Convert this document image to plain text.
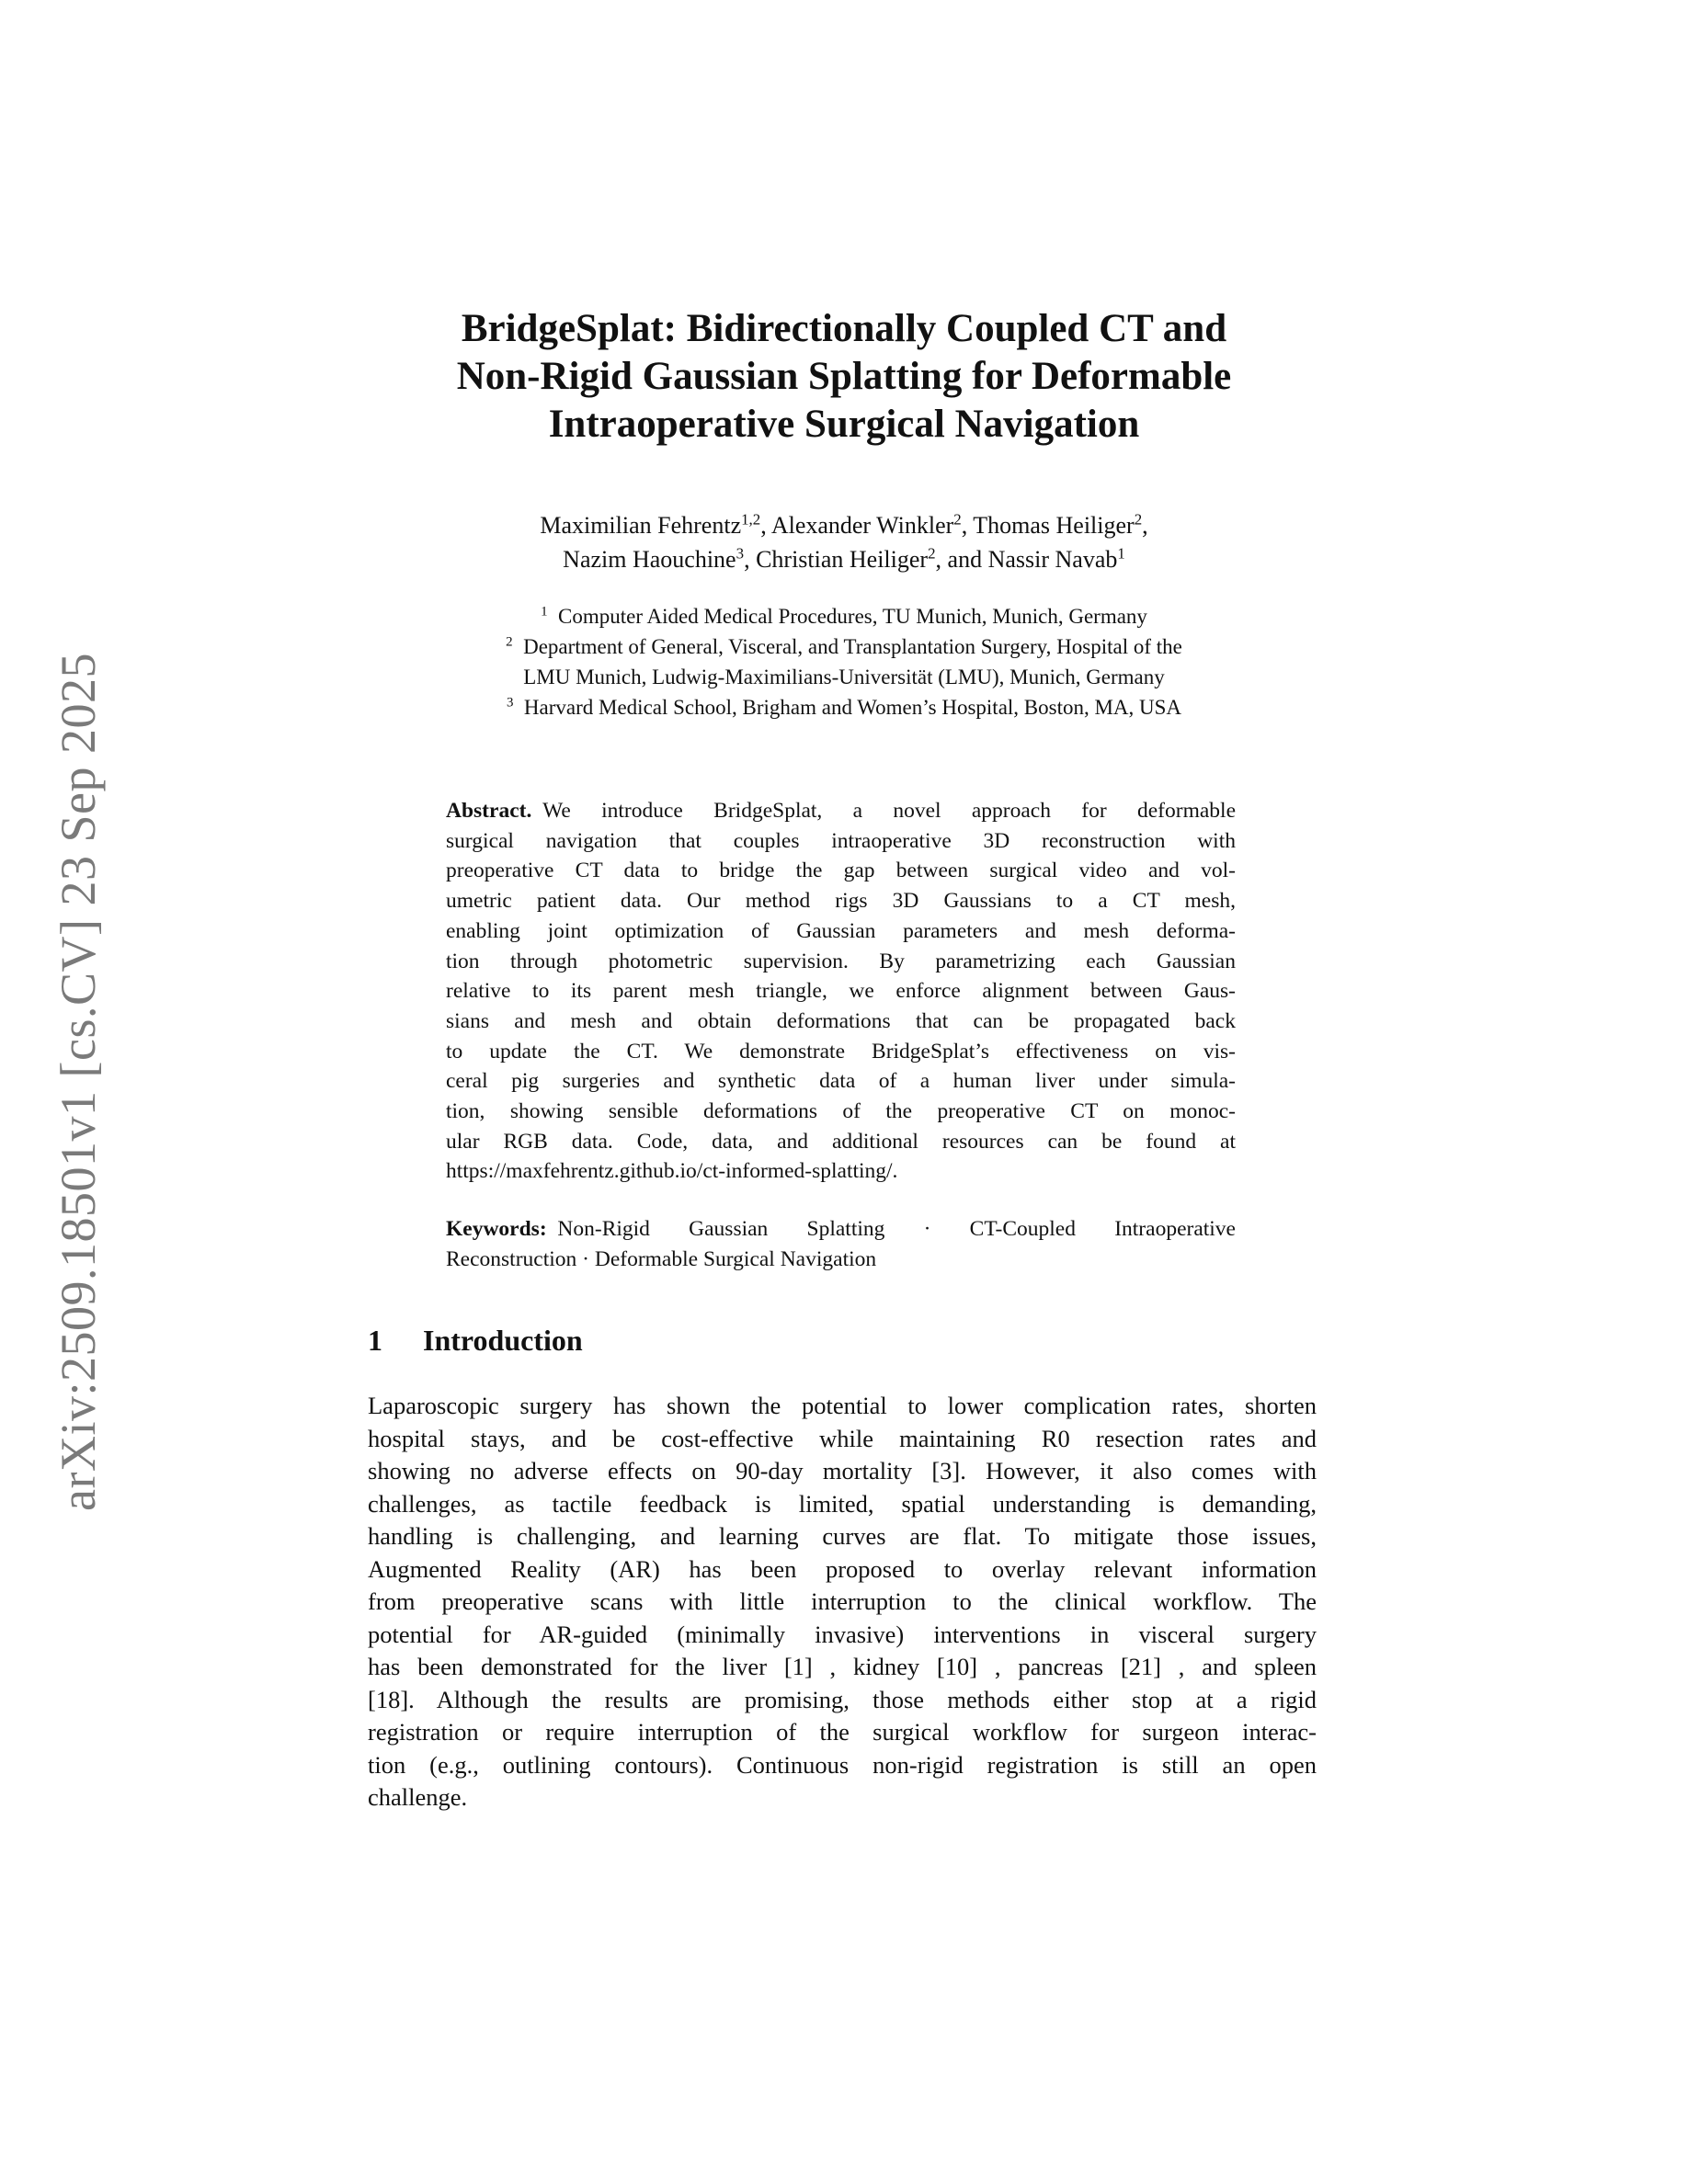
arXiv:2509.18501v1 [cs.CV] 23 Sep 2025
BridgeSplat: Bidirectionally Coupled CT and
Non-Rigid Gaussian Splatting for Deformable
Intraoperative Surgical Navigation
Maximilian Fehrentz$^{1,2}$, Alexander Winkler$^2$, Thomas Heiliger$^2$,
Nazim Haouchine$^3$, Christian Heiliger$^2$, and Nassir Navab$^1$
$^1$ Computer Aided Medical Procedures, TU Munich, Munich, Germany
$^2$ Department of General, Visceral, and Transplantation Surgery, Hospital of the
LMU Munich, Ludwig-Maximilians-Universität (LMU), Munich, Germany
$^3$ Harvard Medical School, Brigham and Women’s Hospital, Boston, MA, USA
Abstract.  We introduce BridgeSplat, a novel approach for deformable
surgical navigation that couples intraoperative 3D reconstruction with
preoperative CT data to bridge the gap between surgical video and vol-
umetric patient data. Our method rigs 3D Gaussians to a CT mesh,
enabling joint optimization of Gaussian parameters and mesh deforma-
tion through photometric supervision. By parametrizing each Gaussian
relative to its parent mesh triangle, we enforce alignment between Gaus-
sians and mesh and obtain deformations that can be propagated back
to update the CT. We demonstrate BridgeSplat’s effectiveness on vis-
ceral pig surgeries and synthetic data of a human liver under simula-
tion, showing sensible deformations of the preoperative CT on monoc-
ular RGB data. Code, data, and additional resources can be found at
https://maxfehrentz.github.io/ct-informed-splatting/.
Keywords:  Non-Rigid Gaussian Splatting · CT-Coupled Intraoperative
Reconstruction · Deformable Surgical Navigation
1 Introduction
Laparoscopic surgery has shown the potential to lower complication rates, shorten
hospital stays, and be cost-effective while maintaining R0 resection rates and
showing no adverse effects on 90-day mortality [3]. However, it also comes with
challenges, as tactile feedback is limited, spatial understanding is demanding,
handling is challenging, and learning curves are flat. To mitigate those issues,
Augmented Reality (AR) has been proposed to overlay relevant information
from preoperative scans with little interruption to the clinical workflow. The
potential for AR-guided (minimally invasive) interventions in visceral surgery
has been demonstrated for the liver [1] , kidney [10] , pancreas [21] , and spleen
[18]. Although the results are promising, those methods either stop at a rigid
registration or require interruption of the surgical workflow for surgeon interac-
tion (e.g., outlining contours). Continuous non-rigid registration is still an open
challenge.
